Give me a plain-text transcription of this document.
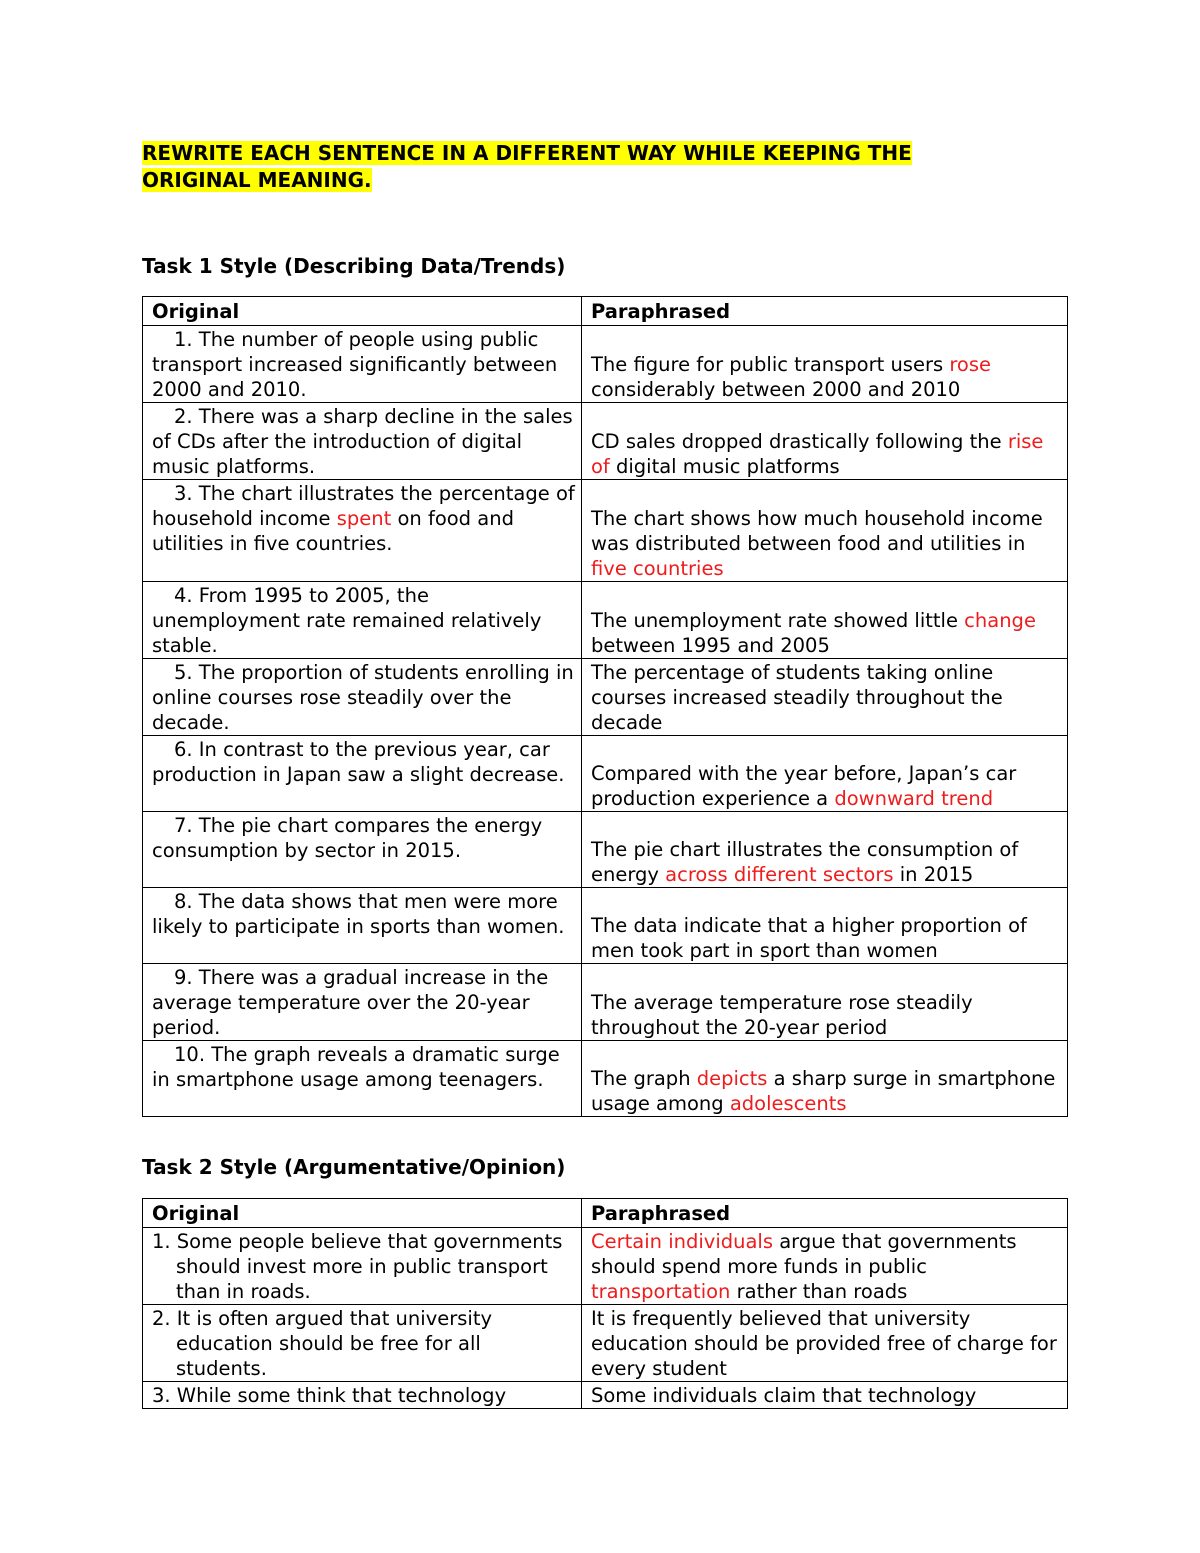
REWRITE EACH SENTENCE IN A DIFFERENT WAY WHILE KEEPING THE ORIGINAL MEANING.

Task 1 Style (Describing Data/Trends)
Original	Paraphrased

1. The number of people using public transport increased significantly between 2000 and 2010.	The figure for public transport users rose considerably between 2000 and 2010

2. There was a sharp decline in the sales of CDs after the introduction of digital music platforms.	CD sales dropped drastically following the rise of digital music platforms

3. The chart illustrates the percentage of household income spent on food and utilities in five countries.	The chart shows how much household income was distributed between food and utilities in five countries

4. From 1995 to 2005, the unemployment rate remained relatively stable.	The unemployment rate showed little change between 1995 and 2005

5. The proportion of students enrolling in online courses rose steadily over the decade.	The percentage of students taking online courses increased steadily throughout the decade

6. In contrast to the previous year, car production in Japan saw a slight decrease.	Compared with the year before, Japan’s car production experience a downward trend

7. The pie chart compares the energy consumption by sector in 2015.	The pie chart illustrates the consumption of energy across different sectors in 2015

8. The data shows that men were more likely to participate in sports than women.	The data indicate that a higher proportion of men took part in sport than women

9. There was a gradual increase in the average temperature over the 20-year period.	The average temperature rose steadily throughout the 20-year period

10. The graph reveals a dramatic surge in smartphone usage among teenagers.	The graph depicts a sharp surge in smartphone usage among adolescents
Task 2 Style (Argumentative/Opinion)
Original	Paraphrased

1. Some people believe that governments should invest more in public transport than in roads.	Certain individuals argue that governments should spend more funds in public transportation rather than roads

2. It is often argued that university education should be free for all students.	It is frequently believed that university education should be provided free of charge for every student

3. While some think that technology	Some individuals claim that technology
